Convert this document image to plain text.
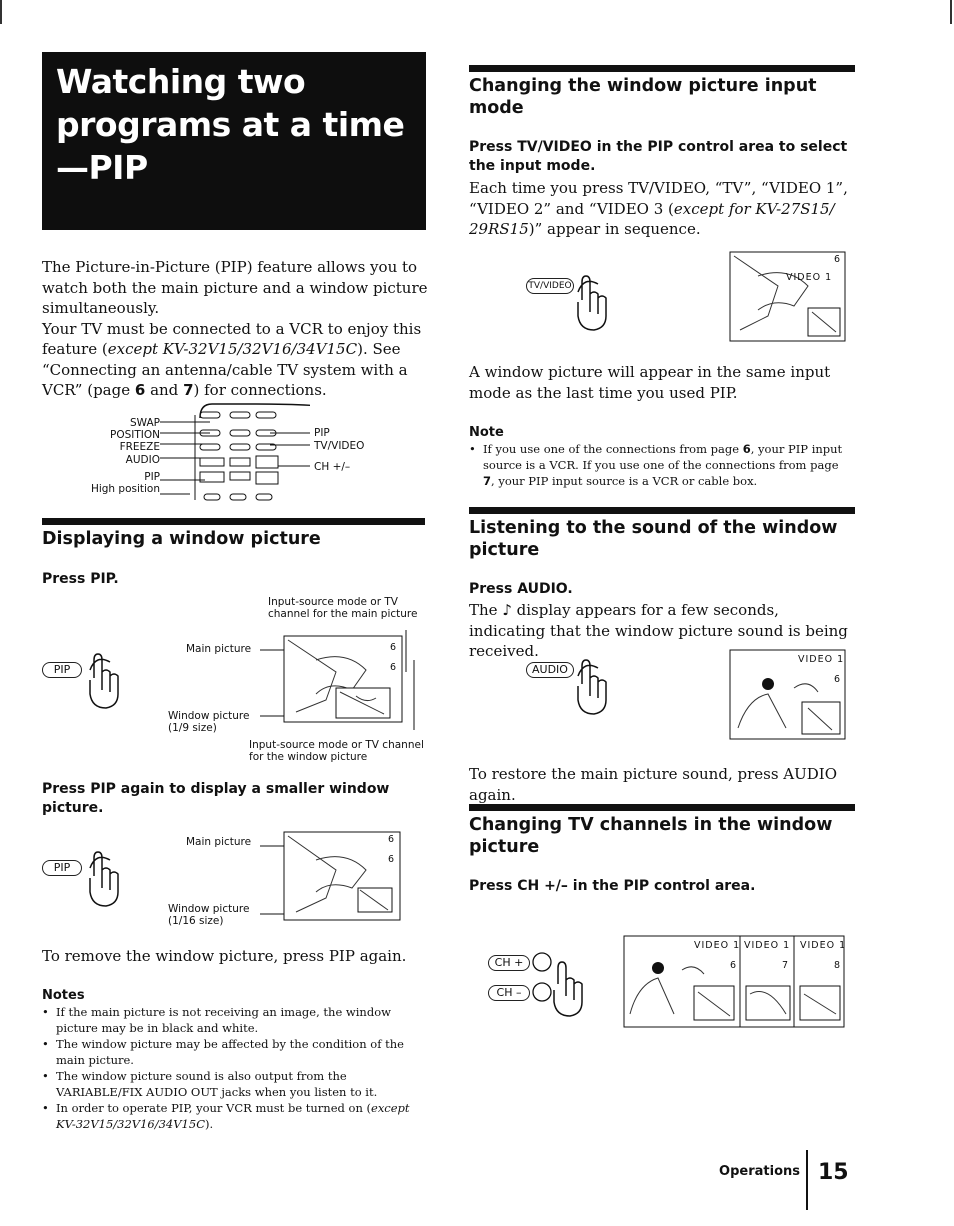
Watching two programs at a time —PIP
The Picture-in-Picture (PIP) feature allows you to watch both the main picture and a window picture simultaneously.
Your TV must be connected to a VCR to enjoy this feature (except KV-32V15/32V16/34V15C). See “Connecting an antenna/cable TV system with a VCR” (page 6 and 7) for connections.
SWAP
POSITION
FREEZE
AUDIO
PIP
High position
PIP
TV/VIDEO
CH +/–
Displaying a window picture
Press PIP.
Input-source mode or TV channel for the main picture
PIP
Main picture
Window picture (1/9 size)
6
6
Input-source mode or TV channel for the window picture
Press PIP again to display a smaller window picture.
PIP
Main picture
Window picture (1/16 size)
6
6
To remove the window picture, press PIP again.
Notes
• If the main picture is not receiving an image, the window picture may be in black and white.
• The window picture may be affected by the condition of the main picture.
• The window picture sound is also output from the VARIABLE/FIX AUDIO OUT jacks when you listen to it.
• In order to operate PIP, your VCR must be turned on (except KV-32V15/32V16/34V15C).
Changing the window picture input mode
Press TV/VIDEO in the PIP control area to select the input mode.
Each time you press TV/VIDEO, “TV”, “VIDEO 1”, “VIDEO 2” and “VIDEO 3 (except for KV-27S15/ 29RS15)” appear in sequence.
TV/VIDEO
6
VIDEO 1
A window picture will appear in the same input mode as the last time you used PIP.
Note
• If you use one of the connections from page 6, your PIP input source is a VCR. If you use one of the connections from page 7, your PIP input source is a VCR or cable box.
Listening to the sound of the window picture
Press AUDIO.
The ♪ display appears for a few seconds, indicating that the window picture sound is being received.
AUDIO
VIDEO 1
6
To restore the main picture sound, press AUDIO again.
Changing TV channels in the window picture
Press CH +/– in the PIP control area.
CH +
CH –
VIDEO 1 VIDEO 1 VIDEO 1
6	7	8
Operations 15
